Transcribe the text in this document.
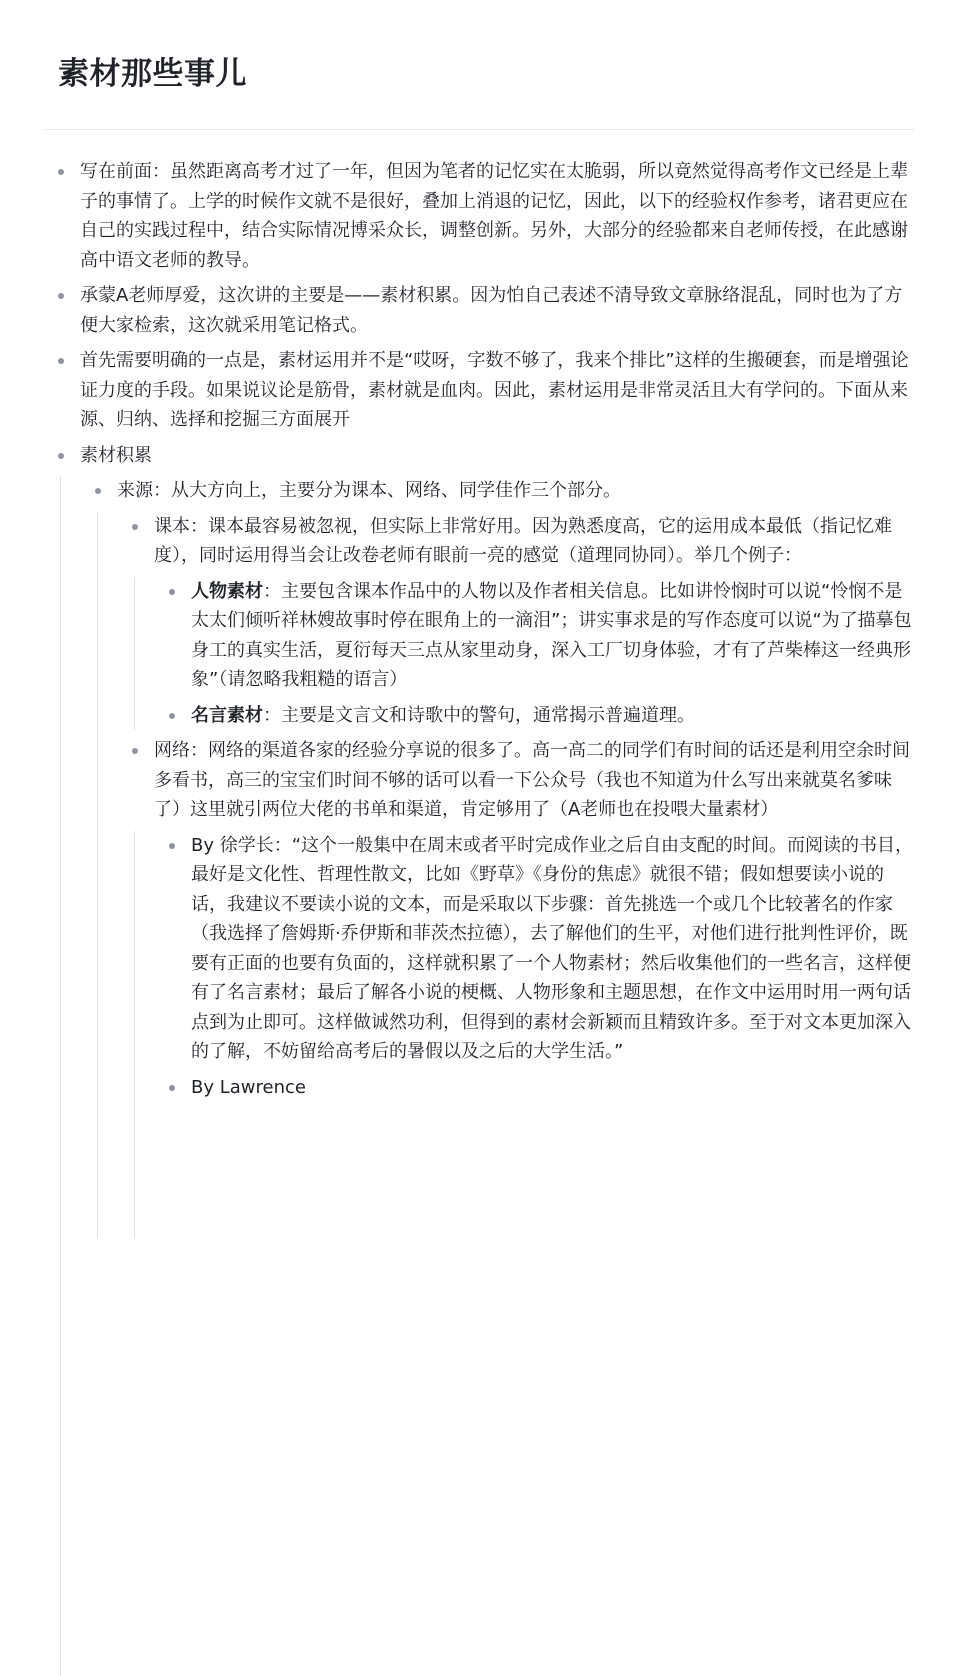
素材那些事儿
写在前面：虽然距离高考才过了一年，但因为笔者的记忆实在太脆弱，所以竟然觉得高考作文已经是上辈子的事情了。上学的时候作文就不是很好，叠加上消退的记忆，因此，以下的经验权作参考，诸君更应在自己的实践过程中，结合实际情况博采众长，调整创新。另外，大部分的经验都来自老师传授，在此感谢高中语文老师的教导。
承蒙A老师厚爱，这次讲的主要是——素材积累。因为怕自己表述不清导致文章脉络混乱，同时也为了方便大家检索，这次就采用笔记格式。
首先需要明确的一点是，素材运用并不是“哎呀，字数不够了，我来个排比”这样的生搬硬套，而是增强论证力度的手段。如果说议论是筋骨，素材就是血肉。因此，素材运用是非常灵活且大有学问的。下面从来源、归纳、选择和挖掘三方面展开
素材积累
来源：从大方向上，主要分为课本、网络、同学佳作三个部分。
课本：课本最容易被忽视，但实际上非常好用。因为熟悉度高，它的运用成本最低（指记忆难度），同时运用得当会让改卷老师有眼前一亮的感觉（道理同协同）。举几个例子：
人物素材：主要包含课本作品中的人物以及作者相关信息。比如讲怜悯时可以说“怜悯不是太太们倾听祥林嫂故事时停在眼角上的一滴泪”；讲实事求是的写作态度可以说“为了描摹包身工的真实生活，夏衍每天三点从家里动身，深入工厂切身体验，才有了芦柴棒这一经典形象”（请忽略我粗糙的语言）
名言素材：主要是文言文和诗歌中的警句，通常揭示普遍道理。
网络：网络的渠道各家的经验分享说的很多了。高一高二的同学们有时间的话还是利用空余时间多看书，高三的宝宝们时间不够的话可以看一下公众号（我也不知道为什么写出来就莫名爹味了）这里就引两位大佬的书单和渠道，肯定够用了（A老师也在投喂大量素材）
By 徐学长：“这个一般集中在周末或者平时完成作业之后自由支配的时间。而阅读的书目，最好是文化性、哲理性散文，比如《野草》《身份的焦虑》就很不错；假如想要读小说的话，我建议不要读小说的文本，而是采取以下步骤：首先挑选一个或几个比较著名的作家（我选择了詹姆斯·乔伊斯和菲茨杰拉德），去了解他们的生平，对他们进行批判性评价，既要有正面的也要有负面的，这样就积累了一个人物素材；然后收集他们的一些名言，这样便有了名言素材；最后了解各小说的梗概、人物形象和主题思想，在作文中运用时用一两句话点到为止即可。这样做诚然功利，但得到的素材会新颖而且精致许多。至于对文本更加深入的了解，不妨留给高考后的暑假以及之后的大学生活。”
By Lawrence
